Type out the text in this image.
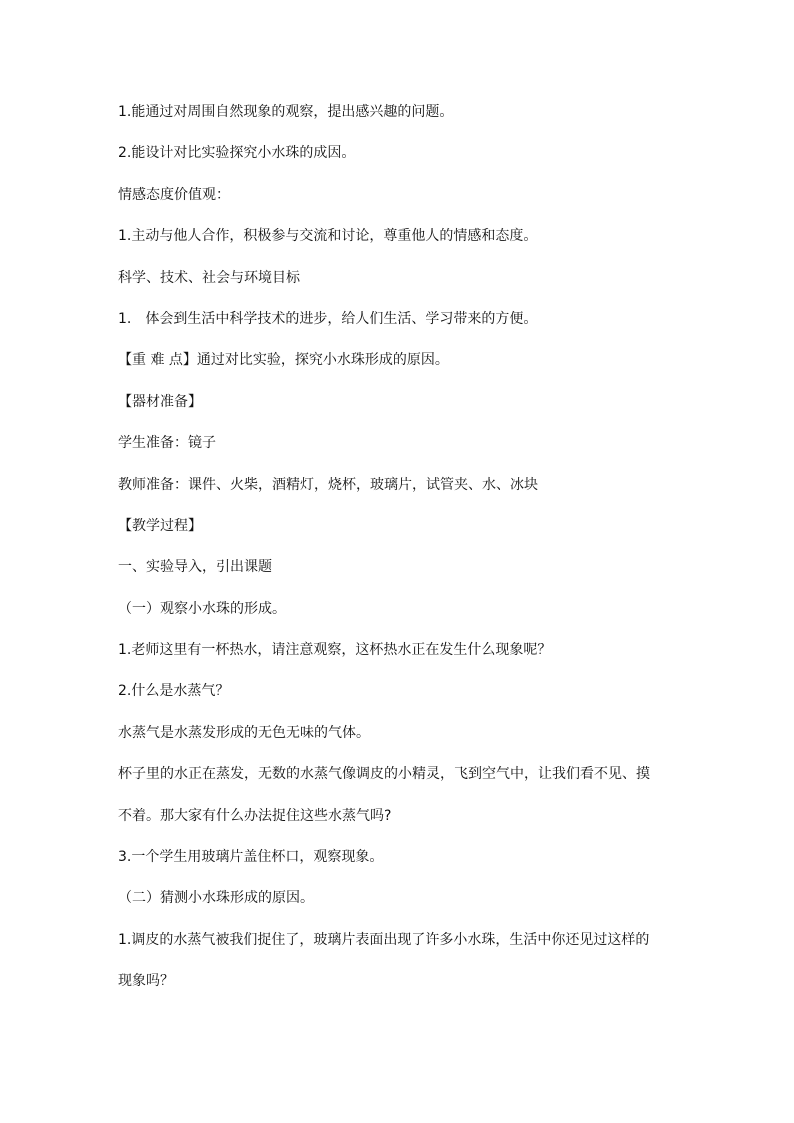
1.能通过对周围自然现象的观察，提出感兴趣的问题。
2.能设计对比实验探究小水珠的成因。
情感态度价值观：
1.主动与他人合作，积极参与交流和讨论，尊重他人的情感和态度。
科学、技术、社会与环境目标
1.　体会到生活中科学技术的进步，给人们生活、学习带来的方便。
【重 难 点】通过对比实验，探究小水珠形成的原因。
【器材准备】
学生准备：镜子
教师准备：课件、火柴，酒精灯，烧杯，玻璃片，试管夹、水、冰块
【教学过程】
一、实验导入，引出课题
（一）观察小水珠的形成。
1.老师这里有一杯热水，请注意观察，这杯热水正在发生什么现象呢？
2.什么是水蒸气？
水蒸气是水蒸发形成的无色无味的气体。
杯子里的水正在蒸发，无数的水蒸气像调皮的小精灵，飞到空气中，让我们看不见、摸
不着。那大家有什么办法捉住这些水蒸气吗?
3.一个学生用玻璃片盖住杯口，观察现象。
（二）猜测小水珠形成的原因。
1.调皮的水蒸气被我们捉住了，玻璃片表面出现了许多小水珠，生活中你还见过这样的
现象吗？
